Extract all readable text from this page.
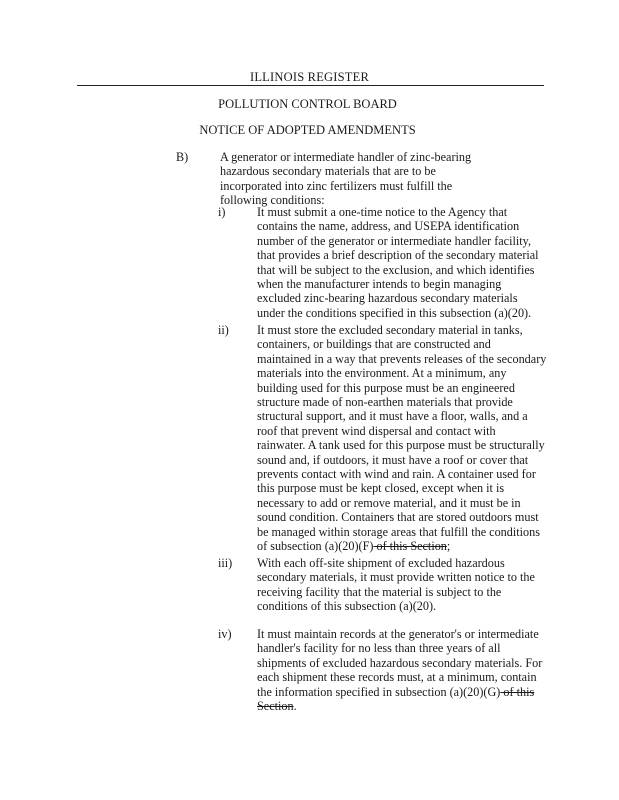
ILLINOIS REGISTER
POLLUTION CONTROL BOARD
NOTICE OF ADOPTED AMENDMENTS
B)	A generator or intermediate handler of zinc-bearing hazardous secondary materials that are to be incorporated into zinc fertilizers must fulfill the following conditions:
i)	It must submit a one-time notice to the Agency that contains the name, address, and USEPA identification number of the generator or intermediate handler facility, that provides a brief description of the secondary material that will be subject to the exclusion, and which identifies when the manufacturer intends to begin managing excluded zinc-bearing hazardous secondary materials under the conditions specified in this subsection (a)(20).
ii)	It must store the excluded secondary material in tanks, containers, or buildings that are constructed and maintained in a way that prevents releases of the secondary materials into the environment. At a minimum, any building used for this purpose must be an engineered structure made of non-earthen materials that provide structural support, and it must have a floor, walls, and a roof that prevent wind dispersal and contact with rainwater. A tank used for this purpose must be structurally sound and, if outdoors, it must have a roof or cover that prevents contact with wind and rain. A container used for this purpose must be kept closed, except when it is necessary to add or remove material, and it must be in sound condition. Containers that are stored outdoors must be managed within storage areas that fulfill the conditions of subsection (a)(20)(F) of this Section;
iii)	With each off-site shipment of excluded hazardous secondary materials, it must provide written notice to the receiving facility that the material is subject to the conditions of this subsection (a)(20).
iv)	It must maintain records at the generator's or intermediate handler's facility for no less than three years of all shipments of excluded hazardous secondary materials. For each shipment these records must, at a minimum, contain the information specified in subsection (a)(20)(G) of this Section.
